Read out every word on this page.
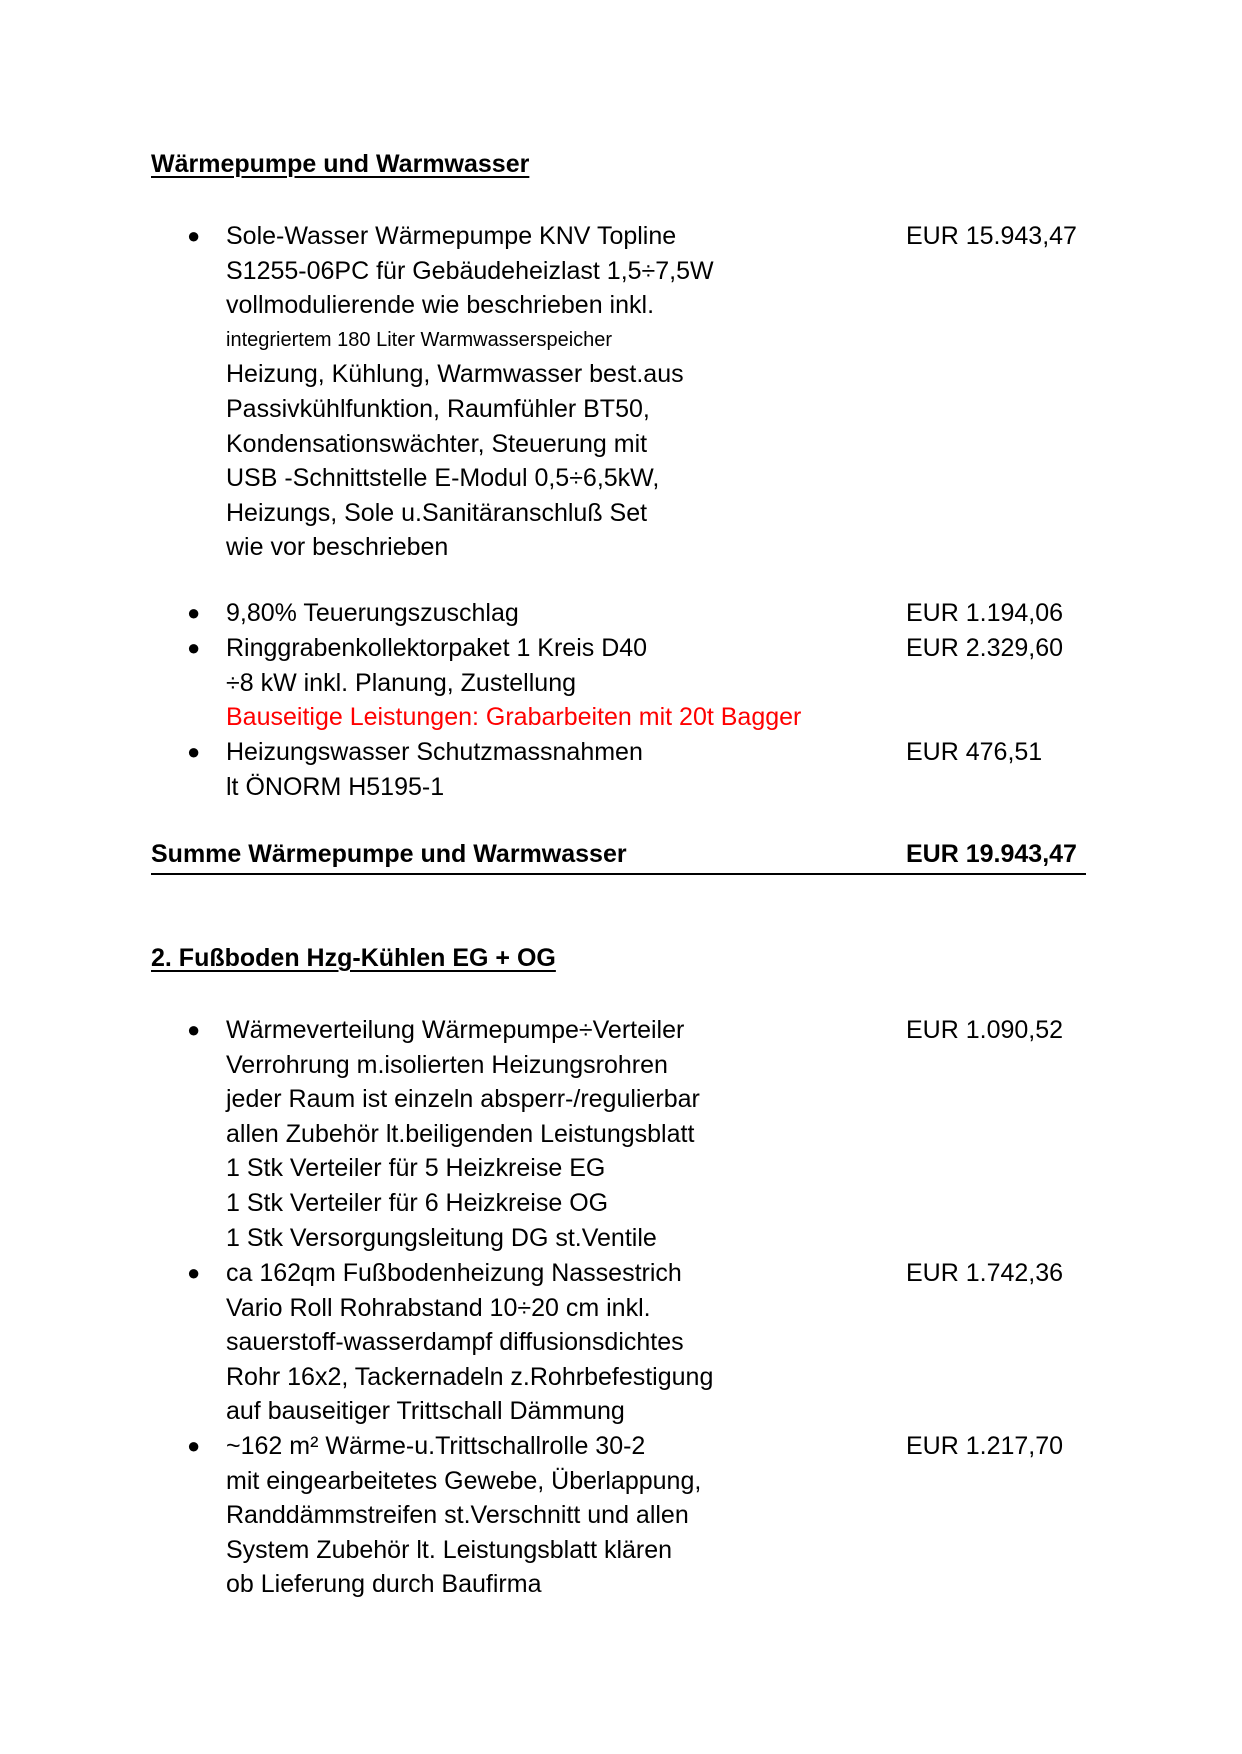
Wärmepumpe und Warmwasser
● Sole-Wasser Wärmepumpe KNV Topline
S1255-06PC für Gebäudeheizlast 1,5÷7,5W
vollmodulierende wie beschrieben inkl.
integriertem 180 Liter Warmwasserspeicher
Heizung, Kühlung, Warmwasser best.aus
Passivkühlfunktion, Raumfühler BT50,
Kondensationswächter, Steuerung mit
USB -Schnittstelle E-Modul 0,5÷6,5kW,
Heizungs, Sole u.Sanitäranschluß Set
wie vor beschrieben
EUR 15.943,47
● 9,80% Teuerungszuschlag	EUR 1.194,06
● Ringgrabenkollektorpaket 1 Kreis D40
÷8 kW inkl. Planung, Zustellung
Bauseitige Leistungen: Grabarbeiten mit 20t Bagger
EUR 2.329,60
● Heizungswasser Schutzmassnahmen
lt ÖNORM H5195-1
EUR 476,51
Summe Wärmepumpe und Warmwasser	EUR 19.943,47
2. Fußboden Hzg-Kühlen EG + OG
● Wärmeverteilung Wärmepumpe÷Verteiler
Verrohrung m.isolierten Heizungsrohren
jeder Raum ist einzeln absperr-/regulierbar
allen Zubehör lt.beiligenden Leistungsblatt
1 Stk Verteiler für 5 Heizkreise EG
1 Stk Verteiler für 6 Heizkreise OG
1 Stk Versorgungsleitung DG st.Ventile
EUR 1.090,52
● ca 162qm Fußbodenheizung Nassestrich
Vario Roll Rohrabstand 10÷20 cm inkl.
sauerstoff-wasserdampf diffusionsdichtes
Rohr 16x2, Tackernadeln z.Rohrbefestigung
auf bauseitiger Trittschall Dämmung
EUR 1.742,36
● ~162 m² Wärme-u.Trittschallrolle 30-2
mit eingearbeitetes Gewebe, Überlappung,
Randdämmstreifen st.Verschnitt und allen
System Zubehör lt. Leistungsblatt klären
ob Lieferung durch Baufirma
EUR 1.217,70
